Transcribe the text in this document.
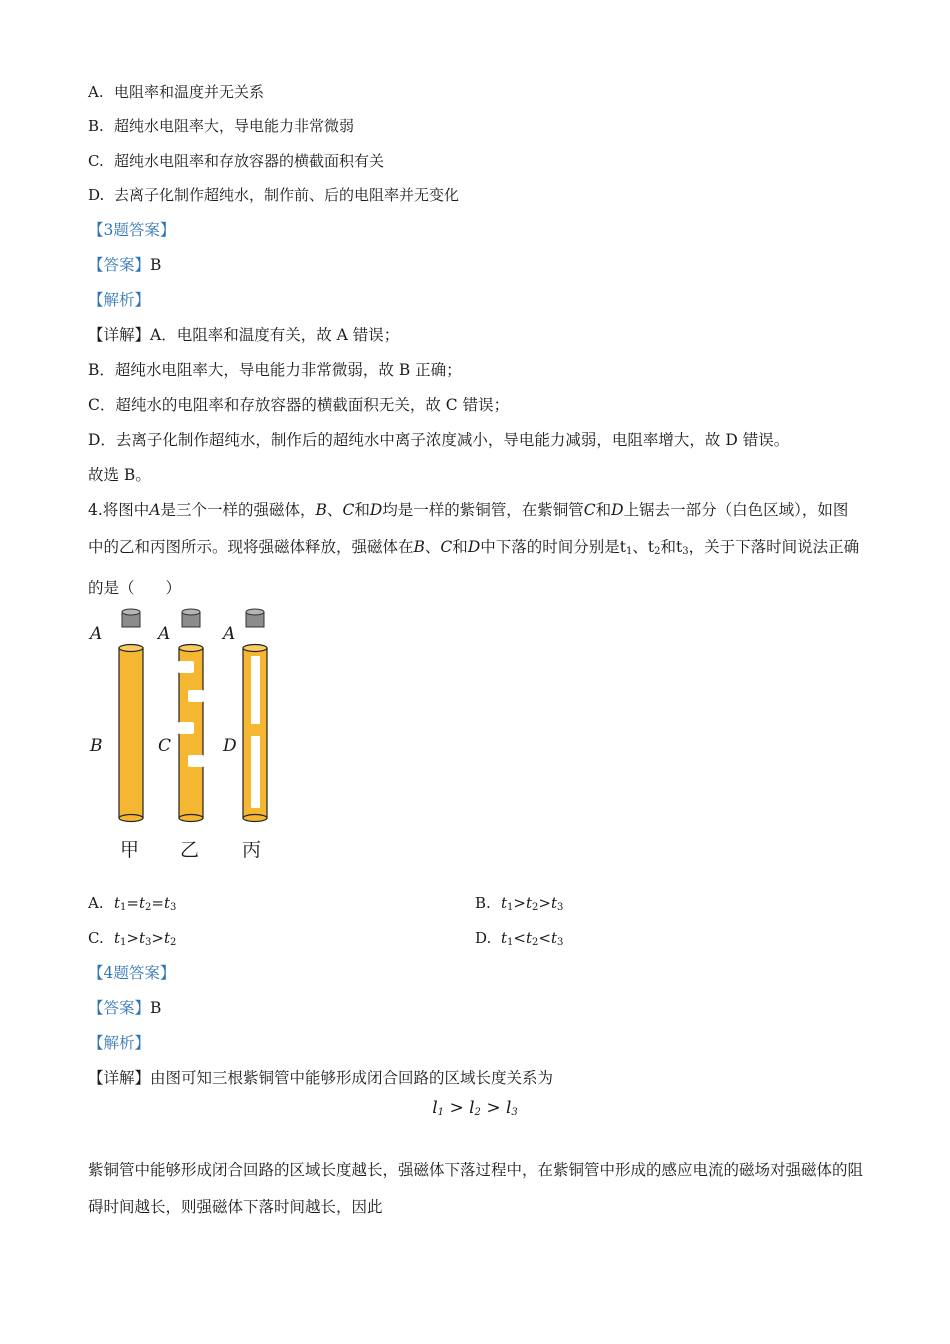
A. 电阻率和温度并无关系
B. 超纯水电阻率大，导电能力非常微弱
C. 超纯水电阻率和存放容器的横截面积有关
D. 去离子化制作超纯水，制作前、后的电阻率并无变化
【3题答案】
【答案】B
【解析】
【详解】A．电阻率和温度有关，故 A 错误；
B．超纯水电阻率大，导电能力非常微弱，故 B 正确；
C．超纯水的电阻率和存放容器的横截面积无关，故 C 错误；
D．去离子化制作超纯水，制作后的超纯水中离子浓度减小，导电能力减弱，电阻率增大，故 D 错误。
故选 B。
4.将图中A是三个一样的强磁体，B、C和D均是一样的紫铜管，在紫铜管C和D上锯去一部分（白色区域），如图中的乙和丙图所示。现将强磁体释放，强磁体在B、C和D中下落的时间分别是$t_1$、$t_2$和$t_3$，关于下落时间说法正确的是（　　）
A	A	A
B	C	D
甲 乙 丙
A. $t_1=t_2=t_3$	B. $t_1>t_2>t_3$
C. $t_1>t_3>t_2$	D. $t_1<t_2<t_3$
【4题答案】
【答案】B
【解析】
【详解】由图可知三根紫铜管中能够形成闭合回路的区域长度关系为
$l_1 > l_2 > l_3$
紫铜管中能够形成闭合回路的区域长度越长，强磁体下落过程中，在紫铜管中形成的感应电流的磁场对强磁体的阻碍时间越长，则强磁体下落时间越长，因此
